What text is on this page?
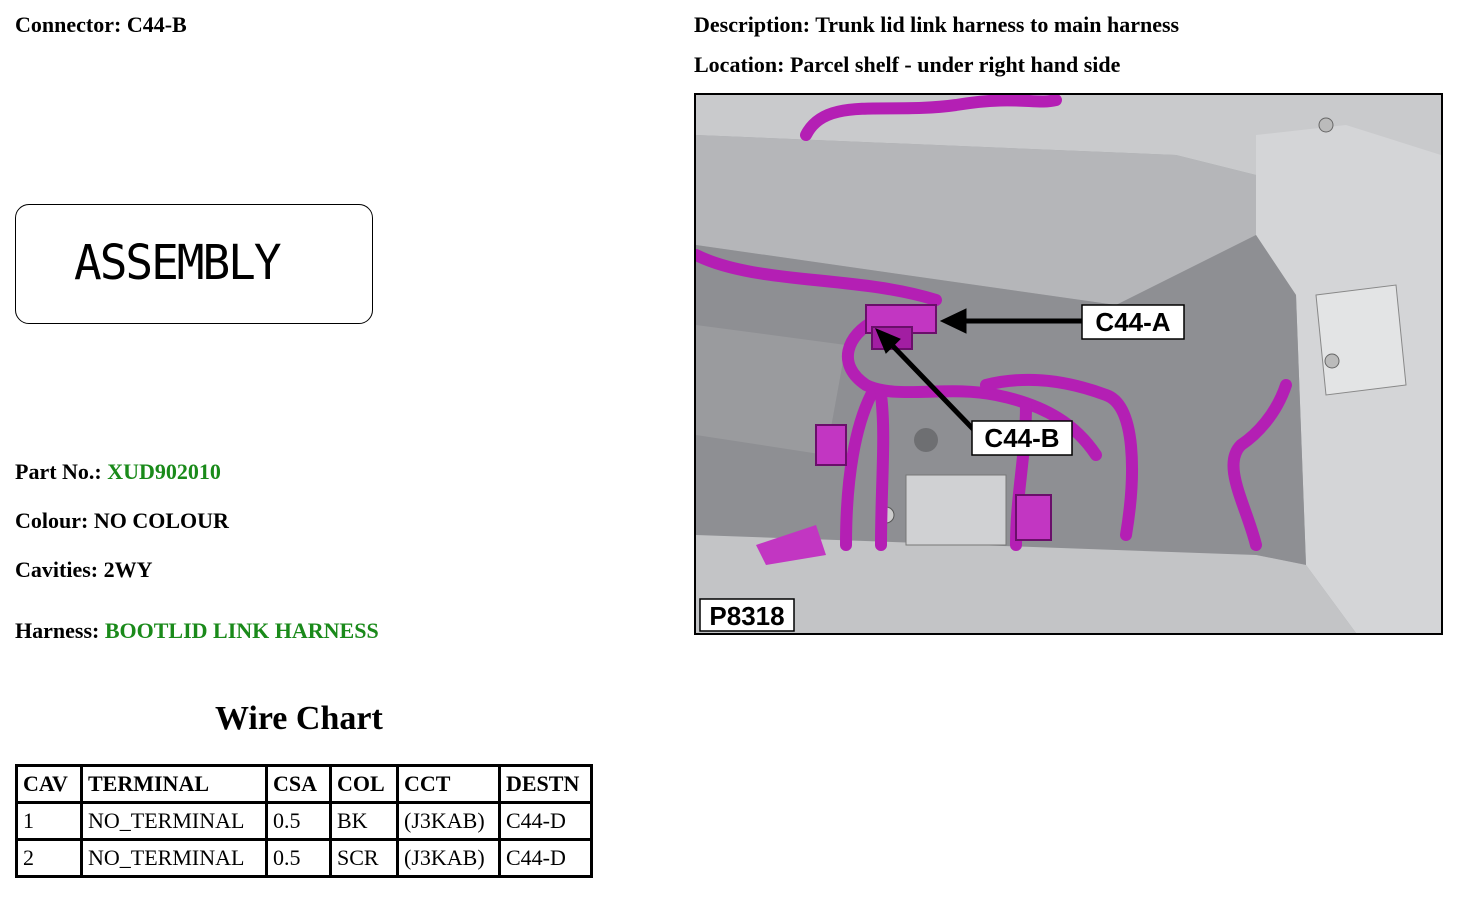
Connector: C44-B
ASSEMBLY
Part No.: XUD902010
Colour: NO COLOUR
Cavities: 2WY
Harness: BOOTLID LINK HARNESS
Wire Chart
CAV	TERMINAL	CSA	COL	CCT	DESTN
1	NO_TERMINAL	0.5	BK	(J3KAB)	C44-D
2	NO_TERMINAL	0.5	SCR	(J3KAB)	C44-D
Description: Trunk lid link harness to main harness
Location: Parcel shelf - under right hand side
C44-A
C44-B
P8318
